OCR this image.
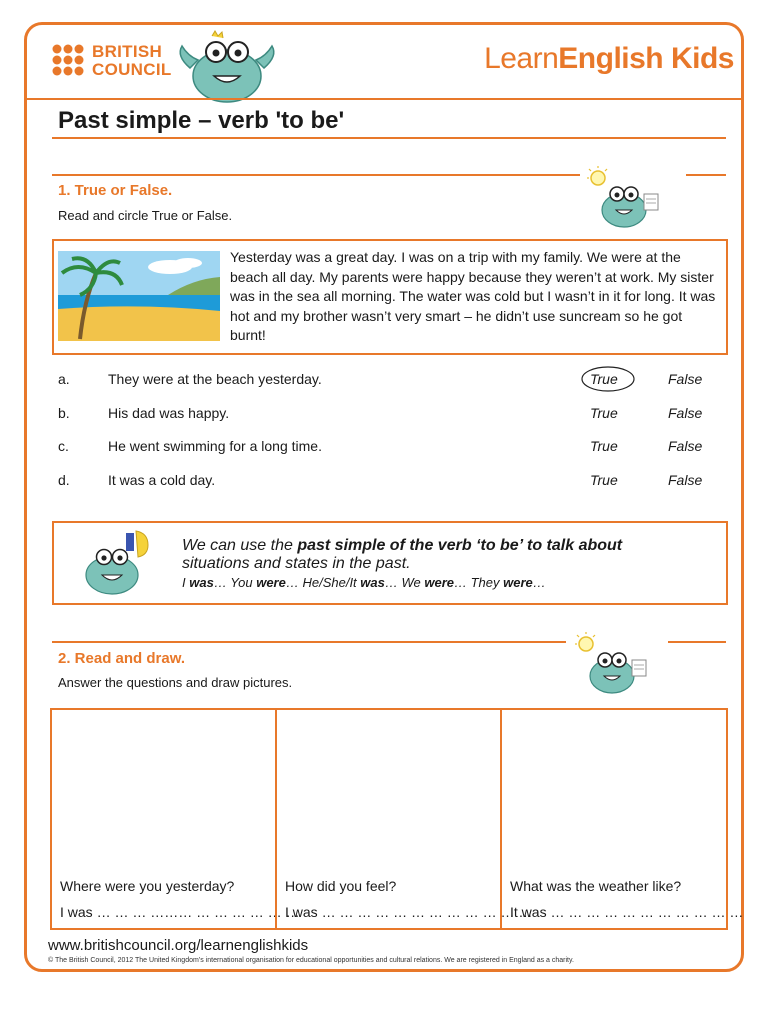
BRITISH
COUNCIL	LearnEnglish Kids
Past simple – verb 'to be'
1. True or False.
Read and circle True or False.
Yesterday was a great day. I was on a trip with my family. We were at the beach all day. My parents were happy because they weren’t at work. My sister was in the sea all morning. The water was cold but I wasn’t in it for long. It was hot and my brother wasn’t very smart – he didn’t use suncream so he got burnt!
a.	They were at the beach yesterday.	True	False
b.	His dad was happy.	True	False
c.	He went swimming for a long time.	True	False
d.	It was a cold day.	True	False
We can use the past simple of the verb ‘to be’ to talk about
situations and states in the past.
I was… You were… He/She/It was… We were… They were…
2. Read and draw.
Answer the questions and draw pictures.
Where were you yesterday?
I was … … … ……… … … … … … …
How did you feel?
I was … … … … … … … … … … … …
What was the weather like?
It was … … … … … … … … … … …
www.britishcouncil.org/learnenglishkids
© The British Council, 2012 The United Kingdom’s international organisation for educational opportunities and cultural relations. We are registered in England as a charity.
